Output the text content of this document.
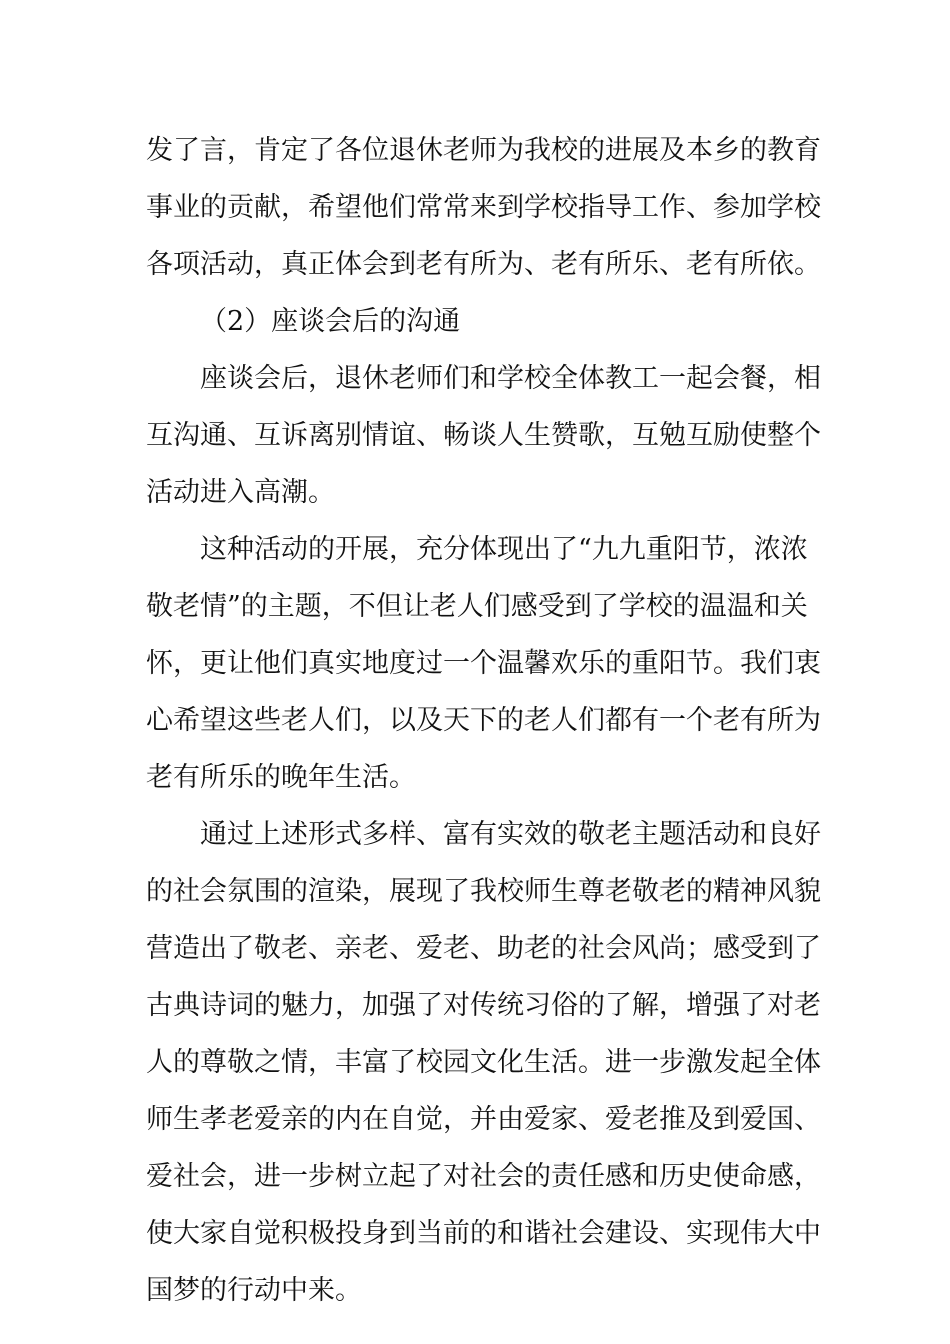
发了言，肯定了各位退休老师为我校的进展及本乡的教育
事业的贡献，希望他们常常来到学校指导工作、参加学校
各项活动，真正体会到老有所为、老有所乐、老有所依。
（2）座谈会后的沟通
座谈会后，退休老师们和学校全体教工一起会餐，相
互沟通、互诉离别情谊、畅谈人生赞歌，互勉互励使整个
活动进入高潮。
这种活动的开展，充分体现出了“九九重阳节，浓浓
敬老情”的主题，不但让老人们感受到了学校的温温和关
怀，更让他们真实地度过一个温馨欢乐的重阳节。我们衷
心希望这些老人们，以及天下的老人们都有一个老有所为
老有所乐的晚年生活。
通过上述形式多样、富有实效的敬老主题活动和良好
的社会氛围的渲染，展现了我校师生尊老敬老的精神风貌
营造出了敬老、亲老、爱老、助老的社会风尚；感受到了
古典诗词的魅力，加强了对传统习俗的了解，增强了对老
人的尊敬之情，丰富了校园文化生活。进一步激发起全体
师生孝老爱亲的内在自觉，并由爱家、爱老推及到爱国、
爱社会，进一步树立起了对社会的责任感和历史使命感，
使大家自觉积极投身到当前的和谐社会建设、实现伟大中
国梦的行动中来。
